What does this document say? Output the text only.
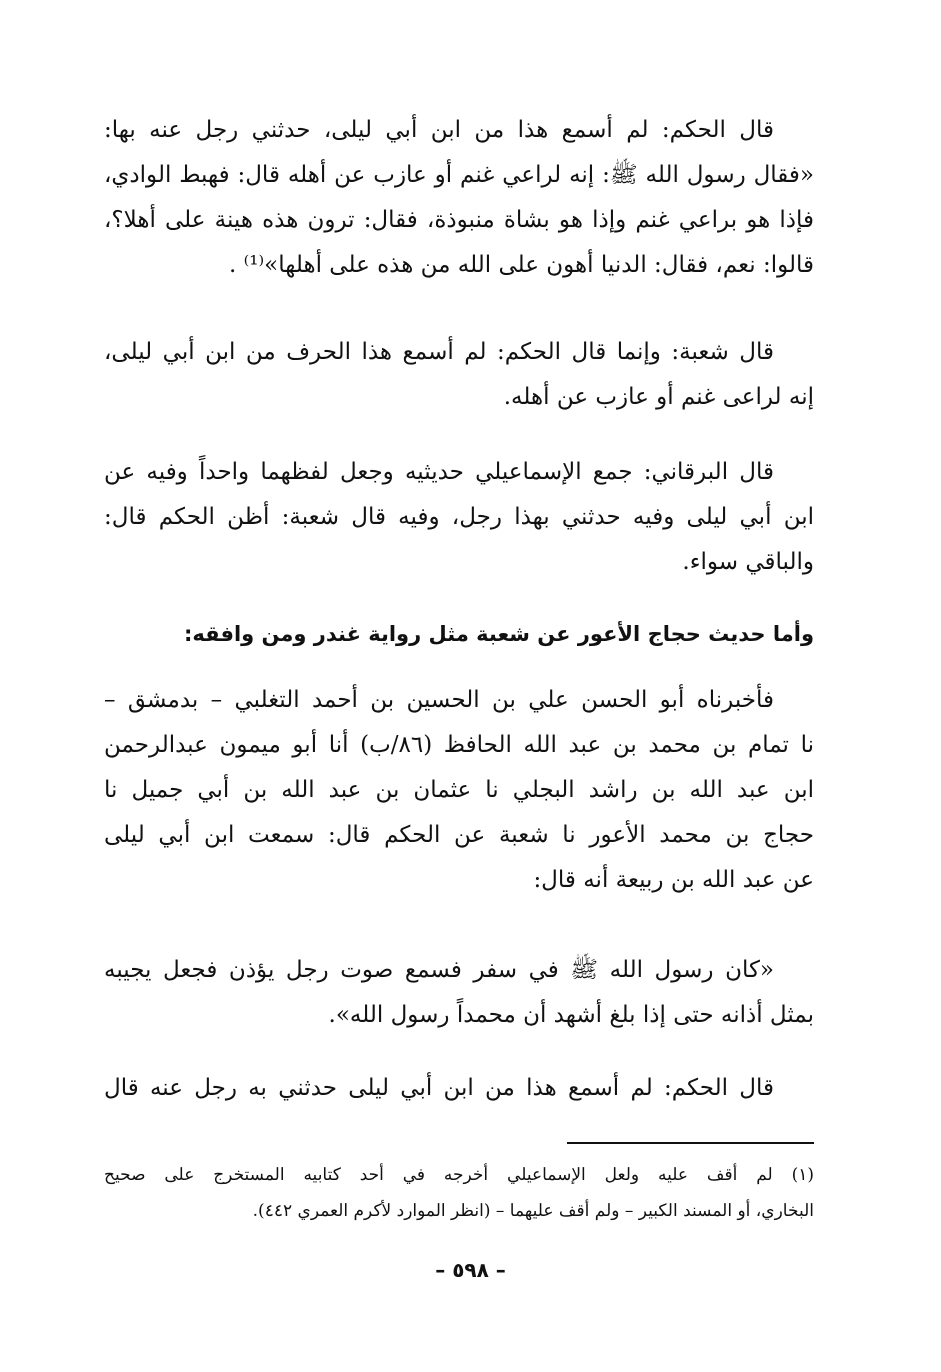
قال الحكم: لم أسمع هذا من ابن أبي ليلى، حدثني رجل عنه بها:
«فقال رسول الله ﷺ: إنه لراعي غنم أو عازب عن أهله قال: فهبط الوادي،
فإذا هو براعي غنم وإذا هو بشاة منبوذة، فقال: ترون هذه هينة على أهلا؟،
قالوا: نعم، فقال: الدنيا أهون على الله من هذه على أهلها»⁽¹⁾ .
قال شعبة: وإنما قال الحكم: لم أسمع هذا الحرف من ابن أبي ليلى،
إنه لراعى غنم أو عازب عن أهله.
قال البرقاني: جمع الإسماعيلي حديثيه وجعل لفظهما واحداً وفيه عن
ابن أبي ليلى وفيه حدثني بهذا رجل، وفيه قال شعبة: أظن الحكم قال:
والباقي سواء.
وأما حديث حجاج الأعور عن شعبة مثل رواية غندر ومن وافقه:
فأخبرناه أبو الحسن علي بن الحسين بن أحمد التغلبي – بدمشق –
نا تمام بن محمد بن عبد الله الحافظ (٨٦/ب) أنا أبو ميمون عبدالرحمن
ابن عبد الله بن راشد البجلي نا عثمان بن عبد الله بن أبي جميل نا
حجاج بن محمد الأعور نا شعبة عن الحكم قال: سمعت ابن أبي ليلى
عن عبد الله بن ربيعة أنه قال:
«كان رسول الله ﷺ في سفر فسمع صوت رجل يؤذن فجعل يجيبه
بمثل أذانه حتى إذا بلغ أشهد أن محمداً رسول الله».
قال الحكم: لم أسمع هذا من ابن أبي ليلى حدثني به رجل عنه قال
(١) لم أقف عليه ولعل الإسماعيلي أخرجه في أحد كتابيه المستخرج على صحيح
البخاري، أو المسند الكبير – ولم أقف عليهما – (انظر الموارد لأكرم العمري ٤٤٢).
– ٥٩٨ –
